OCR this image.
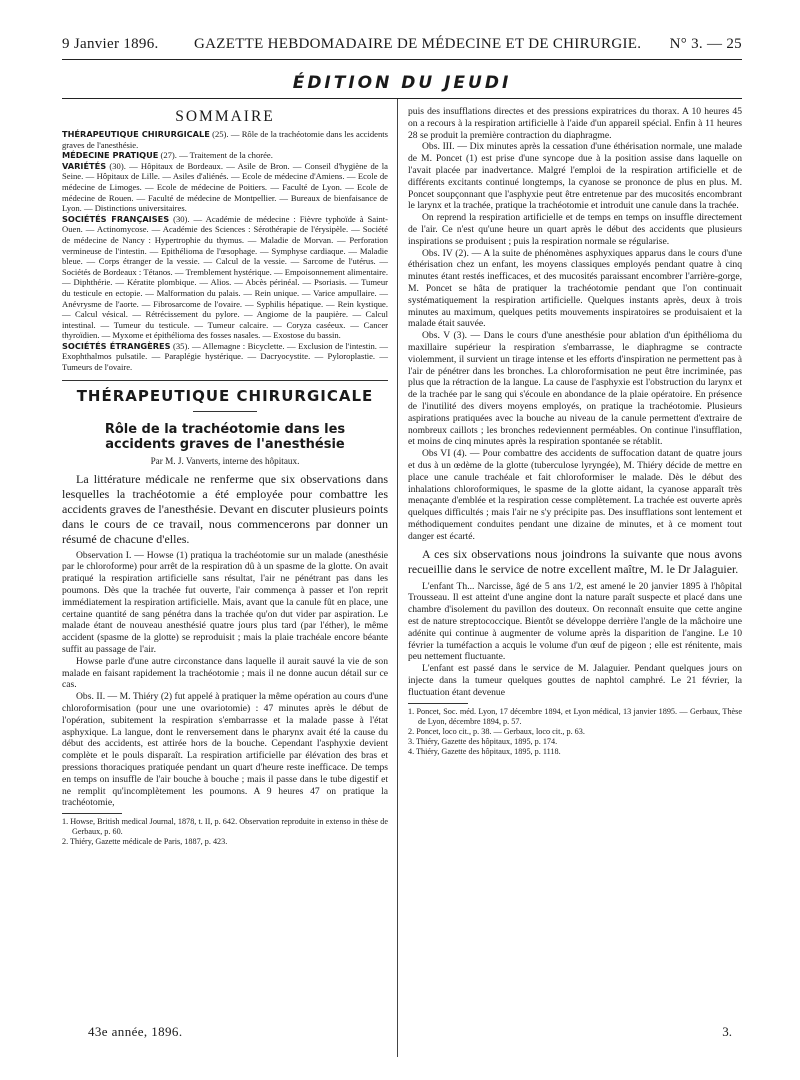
9 Janvier 1896. GAZETTE HEBDOMADAIRE DE MÉDECINE ET DE CHIRURGIE. N° 3. — 25
ÉDITION DU JEUDI
SOMMAIRE

THÉRAPEUTIQUE CHIRURGICALE (25). — Rôle de la trachéotomie dans les accidents graves de l'anesthésie.

MÉDECINE PRATIQUE (27). — Traitement de la chorée.

VARIÉTÉS (30). — Hôpitaux de Bordeaux. — Asile de Bron. — Conseil d'hygiène de la Seine. — Hôpitaux de Lille. — Asiles d'aliénés. — Ecole de médecine d'Amiens. — Ecole de médecine de Limoges. — Ecole de médecine de Poitiers. — Faculté de Lyon. — Ecole de médecine de Rouen. — Faculté de médecine de Montpellier. — Bureaux de bienfaisance de Lyon. — Distinctions universitaires.

SOCIÉTÉS FRANÇAISES (30). — Académie de médecine : Fièvre typhoïde à Saint-Ouen. — Actinomycose. — Académie des Sciences : Sérothérapie de l'érysipèle. — Société de médecine de Nancy : Hypertrophie du thymus. — Maladie de Morvan. — Perforation vermineuse de l'intestin. — Epithélioma de l'œsophage. — Symphyse cardiaque. — Maladie bleue. — Corps étranger de la vessie. — Calcul de la vessie. — Sarcome de l'utérus. — Sociétés de Bordeaux : Tétanos. — Tremblement hystérique. — Empoisonnement alimentaire. — Diphthérie. — Kératite plombique. — Alios. — Abcès périnéal. — Psoriasis. — Tumeur du testicule en ectopie. — Malformation du palais. — Rein unique. — Varice ampullaire. — Anévrysme de l'aorte. — Fibrosarcome de l'ovaire. — Syphilis hépatique. — Rein kystique. — Calcul vésical. — Rétrécissement du pylore. — Angiome de la paupière. — Calcul intestinal. — Tumeur du testicule. — Tumeur calcaire. — Coryza caséeux. — Cancer thyroïdien. — Myxome et épithélioma des fosses nasales. — Exostose du bassin.

SOCIÉTÉS ÉTRANGÈRES (35). — Allemagne : Bicyclette. — Exclusion de l'intestin. — Exophthalmos pulsatile. — Paraplégie hystérique. — Dacryocystite. — Pyloroplastie. — Tumeurs de l'ovaire.

THÉRAPEUTIQUE CHIRURGICALE
Rôle de la trachéotomie dans les accidents graves de l'anesthésie
Par M. J. Vanverts, interne des hôpitaux.

La littérature médicale ne renferme que six observations dans lesquelles la trachéotomie a été employée pour combattre les accidents graves de l'anesthésie. Devant en discuter plusieurs points dans le cours de ce travail, nous commencerons par donner un résumé de chacune d'elles.

Observation I. — Howse (1) pratiqua la trachéotomie sur un malade (anesthésie par le chloroforme) pour arrêt de la respiration dû à un spasme de la glotte. On avait pratiqué la respiration artificielle sans résultat, l'air ne pénétrant pas dans les poumons. Dès que la trachée fut ouverte, l'air commença à passer et l'on reprit immédiatement la respiration artificielle. Mais, avant que la canule fût en place, une certaine quantité de sang pénétra dans la trachée qu'on dut vider par aspiration. Le malade étant de nouveau anesthésié quatre jours plus tard (par l'éther), le même accident (spasme de la glotte) se reproduisit ; mais la plaie trachéale encore béante suffit au passage de l'air.

Howse parle d'une autre circonstance dans laquelle il aurait sauvé la vie de son malade en faisant rapidement la trachéotomie ; mais il ne donne aucun détail sur ce cas.

Obs. II. — M. Thiéry (2) fut appelé à pratiquer la même opération au cours d'une chloroformisation (pour une une ovariotomie) : 47 minutes après le début de l'opération, subitement la respiration s'embarrasse et la malade passe à l'état asphyxique. La langue, dont le renversement dans le pharynx avait été la cause du début des accidents, est attirée hors de la bouche. Cependant l'asphyxie devient complète et le pouls disparaît. La respiration artificielle par élévation des bras et pressions thoraciques pratiquée pendant un quart d'heure reste inefficace. De temps en temps on insuffle de l'air bouche à bouche ; mais il passe dans le tube digestif et ne remplit qu'incomplètement les poumons. A 9 heures 47 on pratique la trachéotomie,

1. Howse, British medical Journal, 1878, t. II, p. 642. Observation reproduite in extenso in thèse de Gerbaux, p. 60.

2. Thiéry, Gazette médicale de Paris, 1887, p. 423.

puis des insufflations directes et des pressions expiratrices du thorax. A 10 heures 45 on a recours à la respiration artificielle à l'aide d'un appareil spécial. Enfin à 11 heures 28 se produit la première contraction du diaphragme.

Obs. III. — Dix minutes après la cessation d'une éthérisation normale, une malade de M. Poncet (1) est prise d'une syncope due à la position assise dans laquelle on l'avait placée par inadvertance. Malgré l'emploi de la respiration artificielle et de différents excitants continué longtemps, la cyanose se prononce de plus en plus. M. Poncet soupçonnant que l'asphyxie peut être entretenue par des mucosités encombrant le larynx et la trachée, pratique la trachéotomie et introduit une canule dans la trachée.

On reprend la respiration artificielle et de temps en temps on insuffle directement de l'air. Ce n'est qu'une heure un quart après le début des accidents que plusieurs inspirations se produisent ; puis la respiration normale se régularise.

Obs. IV (2). — A la suite de phénomènes asphyxiques apparus dans le cours d'une éthérisation chez un enfant, les moyens classiques employés pendant quatre à cinq minutes étant restés inefficaces, et des mucosités paraissant encombrer l'arrière-gorge, M. Poncet se hâta de pratiquer la trachéotomie pendant que l'on continuait systématiquement la respiration artificielle. Quelques instants après, deux à trois minutes au maximum, quelques petits mouvements inspiratoires se produisaient et la malade était sauvée.

Obs. V (3). — Dans le cours d'une anesthésie pour ablation d'un épithélioma du maxillaire supérieur la respiration s'embarrasse, le diaphragme se contracte violemment, il survient un tirage intense et les efforts d'inspiration ne permettent pas à l'air de pénétrer dans les bronches. La chloroformisation ne peut être incriminée, pas plus que la rétraction de la langue. La cause de l'asphyxie est l'obstruction du larynx et de la trachée par le sang qui s'écoule en abondance de la plaie opératoire. En présence de l'inutilité des divers moyens employés, on pratique la trachéotomie. Plusieurs aspirations pratiquées avec la bouche au niveau de la canule permettent d'extraire de nombreux caillots ; les bronches redeviennent perméables. On continue l'insufflation, et moins de cinq minutes après la respiration spontanée se rétablit.

Obs VI (4). — Pour combattre des accidents de suffocation datant de quatre jours et dus à un œdème de la glotte (tuberculose lyryngée), M. Thiéry décide de mettre en place une canule trachéale et fait chloroformiser le malade. Dès le début des inhalations chloroformiques, le spasme de la glotte aidant, la cyanose apparaît très menaçante d'emblée et la respiration cesse complètement. La trachée est ouverte après quelques difficultés ; mais l'air ne s'y précipite pas. Des insufflations sont lentement et méthodiquement conduites pendant une dizaine de minutes, et à ce moment tout danger est écarté.

A ces six observations nous joindrons la suivante que nous avons recueillie dans le service de notre excellent maître, M. le Dr Jalaguier.

L'enfant Th... Narcisse, âgé de 5 ans 1/2, est amené le 20 janvier 1895 à l'hôpital Trousseau. Il est atteint d'une angine dont la nature paraît suspecte et placé dans une chambre d'isolement du pavillon des douteux. On reconnaît ensuite que cette angine est de nature streptococcique. Bientôt se développe derrière l'angle de la mâchoire une adénite qui continue à augmenter de volume après la disparition de l'angine. Le 10 février la tuméfaction a acquis le volume d'un œuf de pigeon ; elle est rénitente, mais peu nettement fluctuante.

L'enfant est passé dans le service de M. Jalaguier. Pendant quelques jours on injecte dans la tumeur quelques gouttes de naphtol camphré. Le 21 février, la fluctuation étant devenue

1. Poncet, Soc. méd. Lyon, 17 décembre 1894, et Lyon médical, 13 janvier 1895. — Gerbaux, Thèse de Lyon, décembre 1894, p. 57.

2. Poncet, loco cit., p. 38. — Gerbaux, loco cit., p. 63.

3. Thiéry, Gazette des hôpitaux, 1895, p. 174.

4. Thiéry, Gazette des hôpitaux, 1895, p. 1118.

43e année, 1896.	3.
